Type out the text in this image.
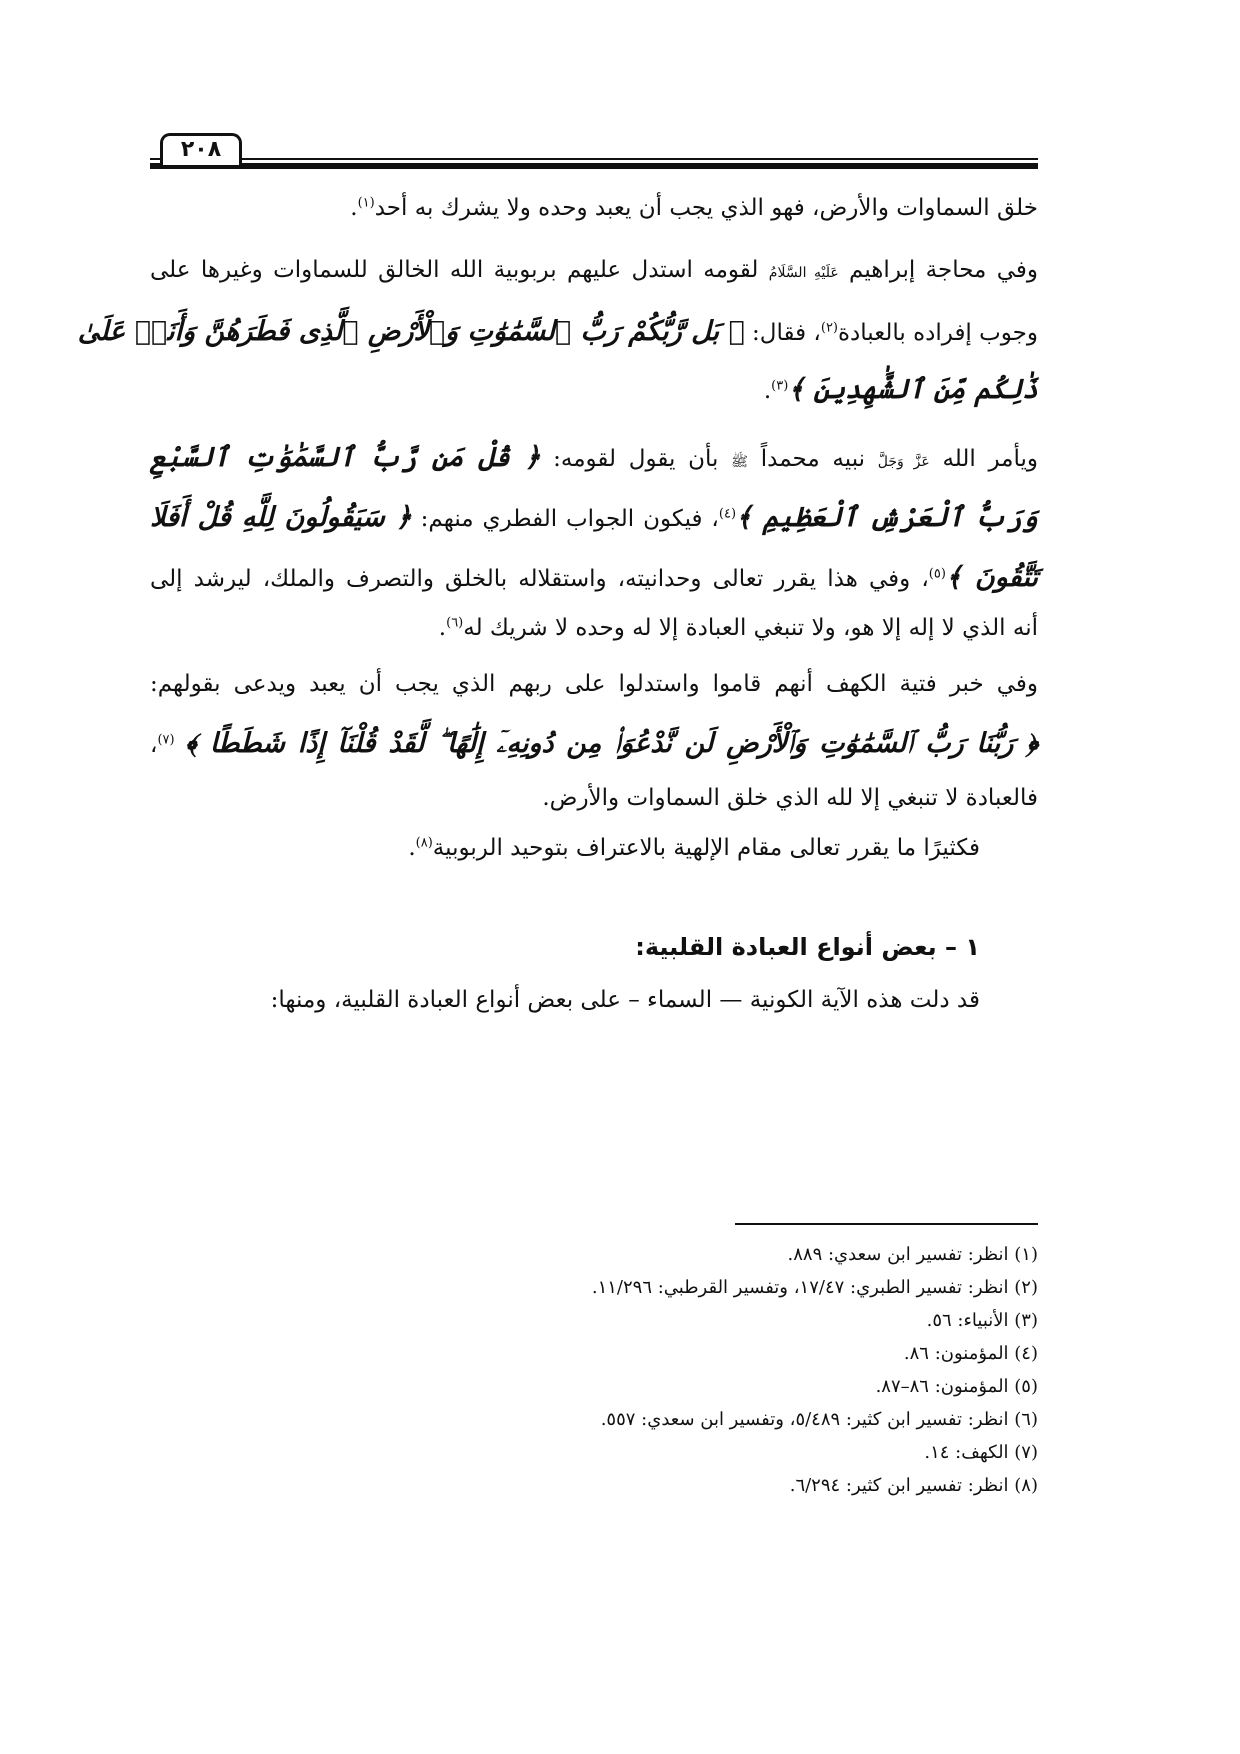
٢٠٨
خلق السماوات والأرض، فهو الذي يجب أن يعبد وحده ولا يشرك به أحد$^{(١)}$.
وفي محاجة إبراهيم عَلَيْهِ السَّلَامُ لقومه استدل عليهم بربوبية الله الخالق للسماوات وغيرها على
وجوب إفراده بالعبادة$^{(٢)}$، فقال: ﴿ بَل رَّبُّكُمْ رَبُّ ٱلسَّمَٰوَٰتِ وَٱلْأَرْضِ ٱلَّذِى فَطَرَهُنَّ وَأَنَا۠ عَلَىٰ
ذَٰلِكُم مِّنَ ٱلشَّٰهِدِينَ ﴾$^{(٣)}$.
ويأمر الله عَزَّ وَجَلَّ نبيه محمداً ﷺ بأن يقول لقومه: ﴿ قُلْ مَن رَّبُّ ٱلسَّمَٰوَٰتِ ٱلسَّبْعِ
وَرَبُّ ٱلْعَرْشِ ٱلْعَظِيمِ ﴾$^{(٤)}$، فيكون الجواب الفطري منهم: ﴿ سَيَقُولُونَ لِلَّهِ قُلْ أَفَلَا
تَتَّقُونَ ﴾$^{(٥)}$، وفي هذا يقرر تعالى وحدانيته، واستقلاله بالخلق والتصرف والملك، ليرشد إلى
أنه الذي لا إله إلا هو، ولا تنبغي العبادة إلا له وحده لا شريك له$^{(٦)}$.
وفي خبر فتية الكهف أنهم قاموا واستدلوا على ربهم الذي يجب أن يعبد ويدعى بقولهم:
﴿ رَبُّنَا رَبُّ ٱلسَّمَٰوَٰتِ وَٱلْأَرْضِ لَن نَّدْعُوَا۟ مِن دُونِهِۦٓ إِلَٰهًا ۖ لَّقَدْ قُلْنَآ إِذًا شَطَطًا ﴾ $^{(٧)}$،
فالعبادة لا تنبغي إلا لله الذي خلق السماوات والأرض.
فكثيرًا ما يقرر تعالى مقام الإلهية بالاعتراف بتوحيد الربوبية$^{(٨)}$.
١ – بعض أنواع العبادة القلبية:
قد دلت هذه الآية الكونية — السماء – على بعض أنواع العبادة القلبية، ومنها:
(١) انظر: تفسير ابن سعدي: ٨٨٩.
(٢) انظر: تفسير الطبري: ١٧/٤٧، وتفسير القرطبي: ١١/٢٩٦.
(٣) الأنبياء: ٥٦.
(٤) المؤمنون: ٨٦.
(٥) المؤمنون: ٨٦–٨٧.
(٦) انظر: تفسير ابن كثير: ٥/٤٨٩، وتفسير ابن سعدي: ٥٥٧.
(٧) الكهف: ١٤.
(٨) انظر: تفسير ابن كثير: ٦/٢٩٤.
